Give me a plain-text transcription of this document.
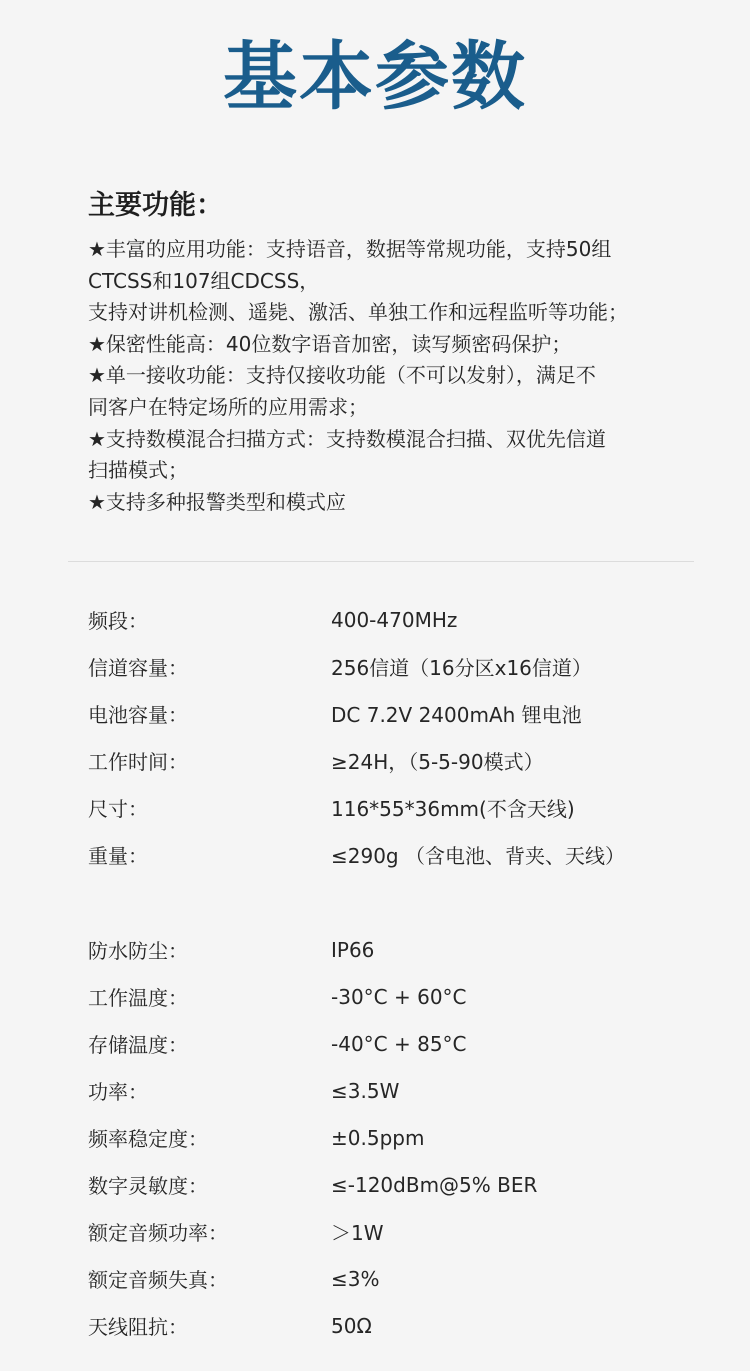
基本参数
主要功能：
★丰富的应用功能：支持语音，数据等常规功能，支持50组
CTCSS和107组CDCSS，
支持对讲机检测、遥毙、激活、单独工作和远程监听等功能；
★保密性能高：40位数字语音加密，读写频密码保护；
★单一接收功能：支持仅接收功能（不可以发射），满足不
同客户在特定场所的应用需求；
★支持数模混合扫描方式：支持数模混合扫描、双优先信道
扫描模式；
★支持多种报警类型和模式应
频段：	400-470MHz
信道容量：	256信道（16分区x16信道）
电池容量：	DC 7.2V 2400mAh 锂电池
工作时间：	≥24H，（5-5-90模式）
尺寸：	116*55*36mm(不含天线)
重量：	≤290g （含电池、背夹、天线）
防水防尘：	IP66
工作温度：	-30°C + 60°C
存储温度：	-40°C + 85°C
功率：	≤3.5W
频率稳定度：	±0.5ppm
数字灵敏度：	≤-120dBm@5% BER
额定音频功率：	＞1W
额定音频失真：	≤3%
天线阻抗：	50Ω
